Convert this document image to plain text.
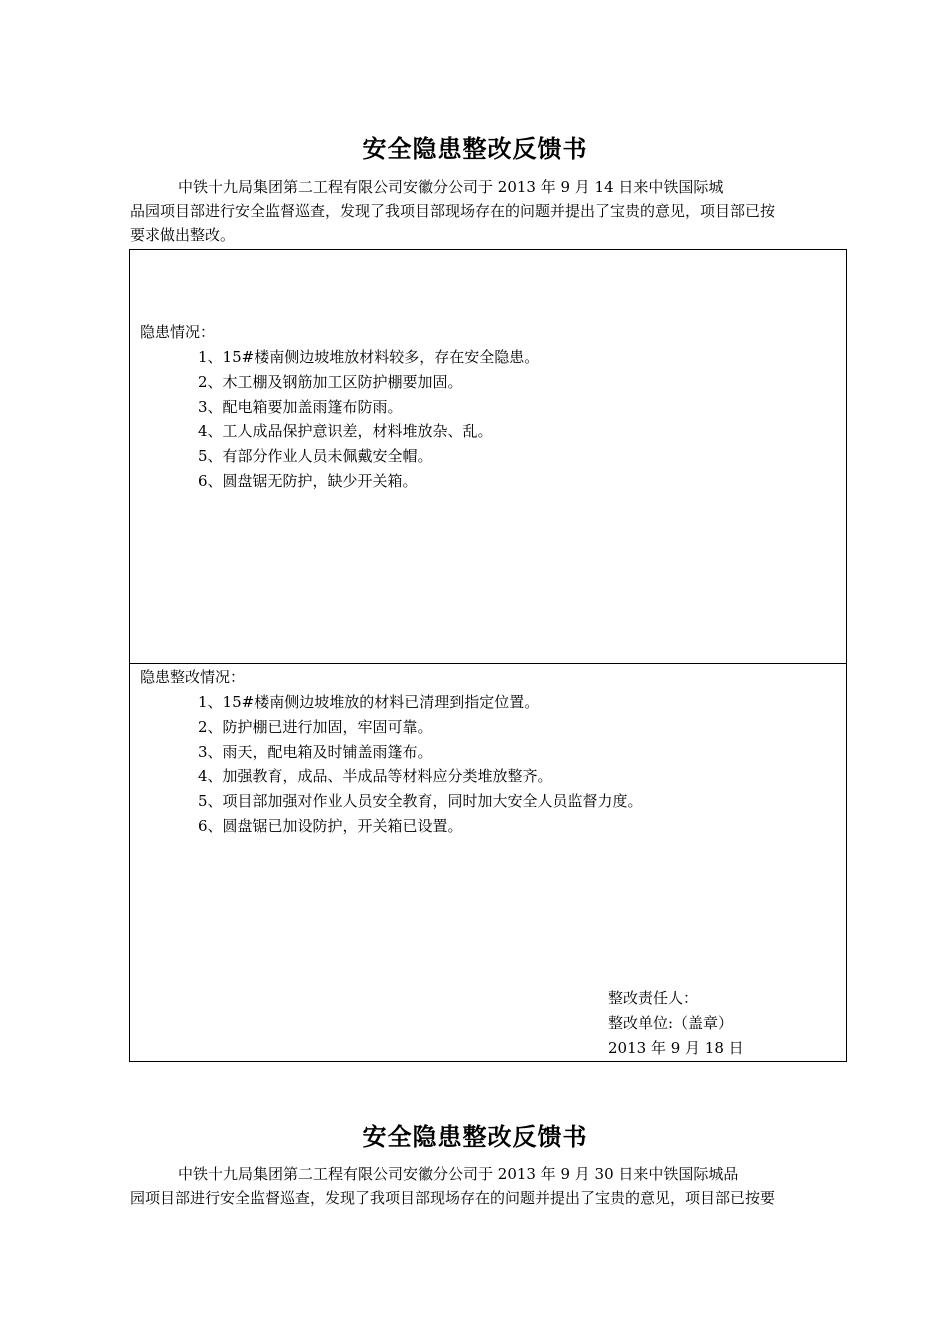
安全隐患整改反馈书
中铁十九局集团第二工程有限公司安徽分公司于 2013 年 9 月 14 日来中铁国际城
品园项目部进行安全监督巡查，发现了我项目部现场存在的问题并提出了宝贵的意见，项目部已按
要求做出整改。
隐患情况：
1、15#楼南侧边坡堆放材料较多，存在安全隐患。
2、木工棚及钢筋加工区防护棚要加固。
3、配电箱要加盖雨篷布防雨。
4、工人成品保护意识差，材料堆放杂、乱。
5、有部分作业人员未佩戴安全帽。
6、圆盘锯无防护，缺少开关箱。
隐患整改情况：
1、15#楼南侧边坡堆放的材料已清理到指定位置。
2、防护棚已进行加固，牢固可靠。
3、雨天，配电箱及时铺盖雨篷布。
4、加强教育，成品、半成品等材料应分类堆放整齐。
5、项目部加强对作业人员安全教育，同时加大安全人员监督力度。
6、圆盘锯已加设防护，开关箱已设置。
整改责任人：
整改单位:（盖章）
2013 年 9 月 18 日
安全隐患整改反馈书
中铁十九局集团第二工程有限公司安徽分公司于 2013 年 9 月 30 日来中铁国际城品
园项目部进行安全监督巡查，发现了我项目部现场存在的问题并提出了宝贵的意见，项目部已按要
